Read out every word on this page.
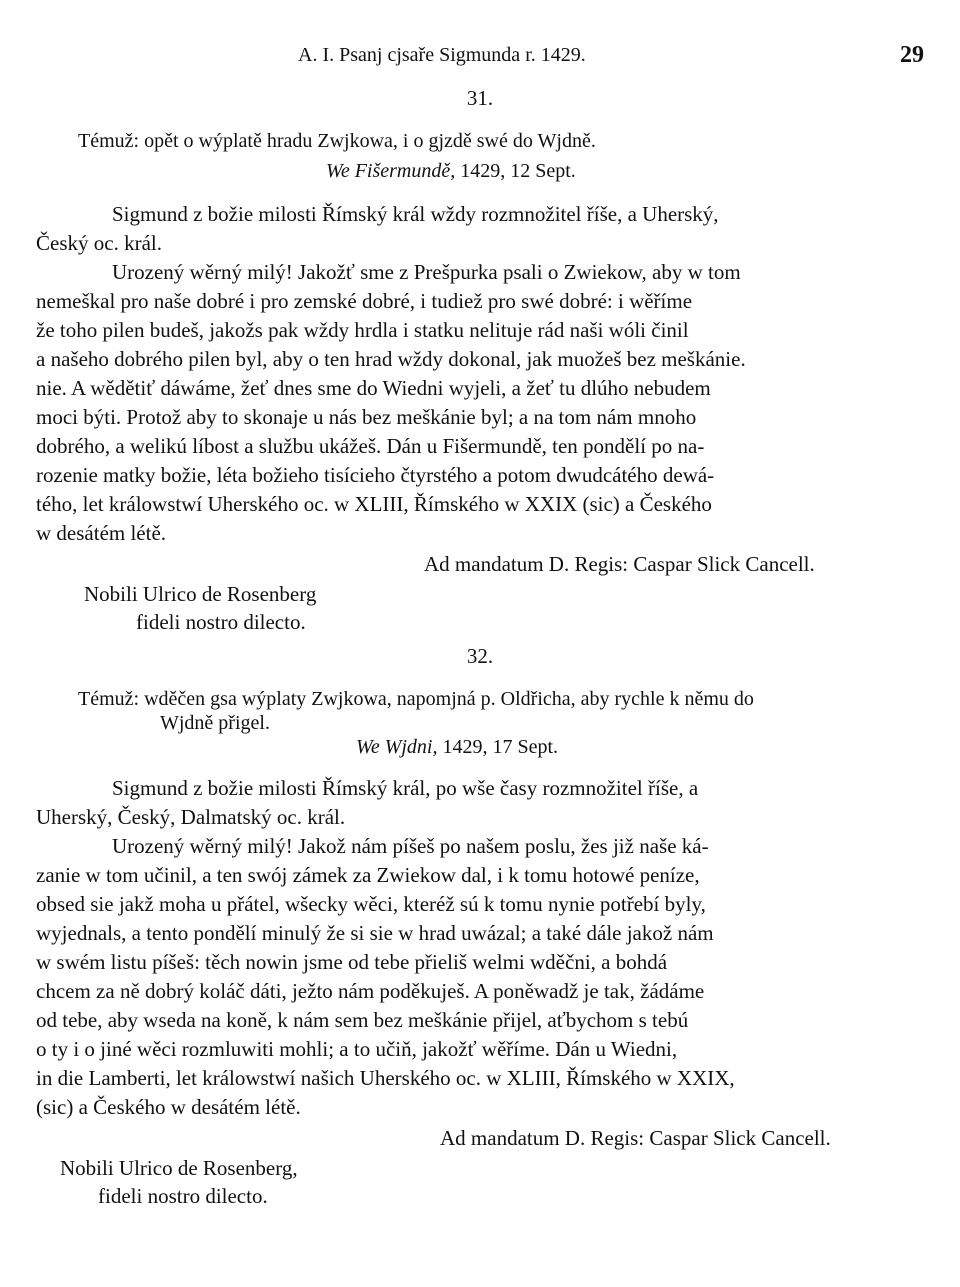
A. I. Psanj cjsaře Sigmunda r. 1429.	29
31.
Témuž: opět o wýplatě hradu Zwjkowa, i o gjzdě swé do Wjdně.
We Fišermundě, 1429, 12 Sept.
Sigmund z božie milosti Římský král wždy rozmnožitel říše, a Uherský,
Český oc. král.
Urozený wěrný milý! Jakožť sme z Prešpurka psali o Zwiekow, aby w tom
nemeškal pro naše dobré i pro zemské dobré, i tudiež pro swé dobré: i wěříme
že toho pilen budeš, jakožs pak wždy hrdla i statku nelituje rád naši wóli činil
a našeho dobrého pilen byl, aby o ten hrad wždy dokonal, jak muožeš bez meškánie.
nie. A wědětiť dáwáme, žeť dnes sme do Wiedni wyjeli, a žeť tu dlúho nebudem
moci býti. Protož aby to skonaje u nás bez meškánie byl; a na tom nám mnoho
dobrého, a welikú líbost a službu ukážeš. Dán u Fišermundě, ten pondělí po na-
rozenie matky božie, léta božieho tisícieho čtyrstého a potom dwudcátého dewá-
tého, let králowstwí Uherského oc. w XLIII, Římského w XXIX (sic) a Českého
w desátém létě.
Ad mandatum D. Regis: Caspar Slick Cancell.
Nobili Ulrico de Rosenberg
fideli nostro dilecto.
32.
Témuž: wděčen gsa wýplaty Zwjkowa, napomjná p. Oldřicha, aby rychle k němu do
Wjdně přigel.
We Wjdni, 1429, 17 Sept.
Sigmund z božie milosti Římský král, po wše časy rozmnožitel říše, a
Uherský, Český, Dalmatský oc. král.
Urozený wěrný milý! Jakož nám píšeš po našem poslu, žes již naše ká-
zanie w tom učinil, a ten swój zámek za Zwiekow dal, i k tomu hotowé peníze,
obsed sie jakž moha u přátel, wšecky wěci, kteréž sú k tomu nynie potřebí byly,
wyjednals, a tento pondělí minulý že si sie w hrad uwázal; a také dále jakož nám
w swém listu píšeš: těch nowin jsme od tebe přieliš welmi wděčni, a bohdá
chcem za ně dobrý koláč dáti, ježto nám poděkuješ. A poněwadž je tak, žádáme
od tebe, aby wseda na koně, k nám sem bez meškánie přijel, aťbychom s tebú
o ty i o jiné wěci rozmluwiti mohli; a to učiň, jakožť wěříme. Dán u Wiedni,
in die Lamberti, let králowstwí našich Uherského oc. w XLIII, Římského w XXIX,
(sic) a Českého w desátém létě.
Ad mandatum D. Regis: Caspar Slick Cancell.
Nobili Ulrico de Rosenberg,
fideli nostro dilecto.
